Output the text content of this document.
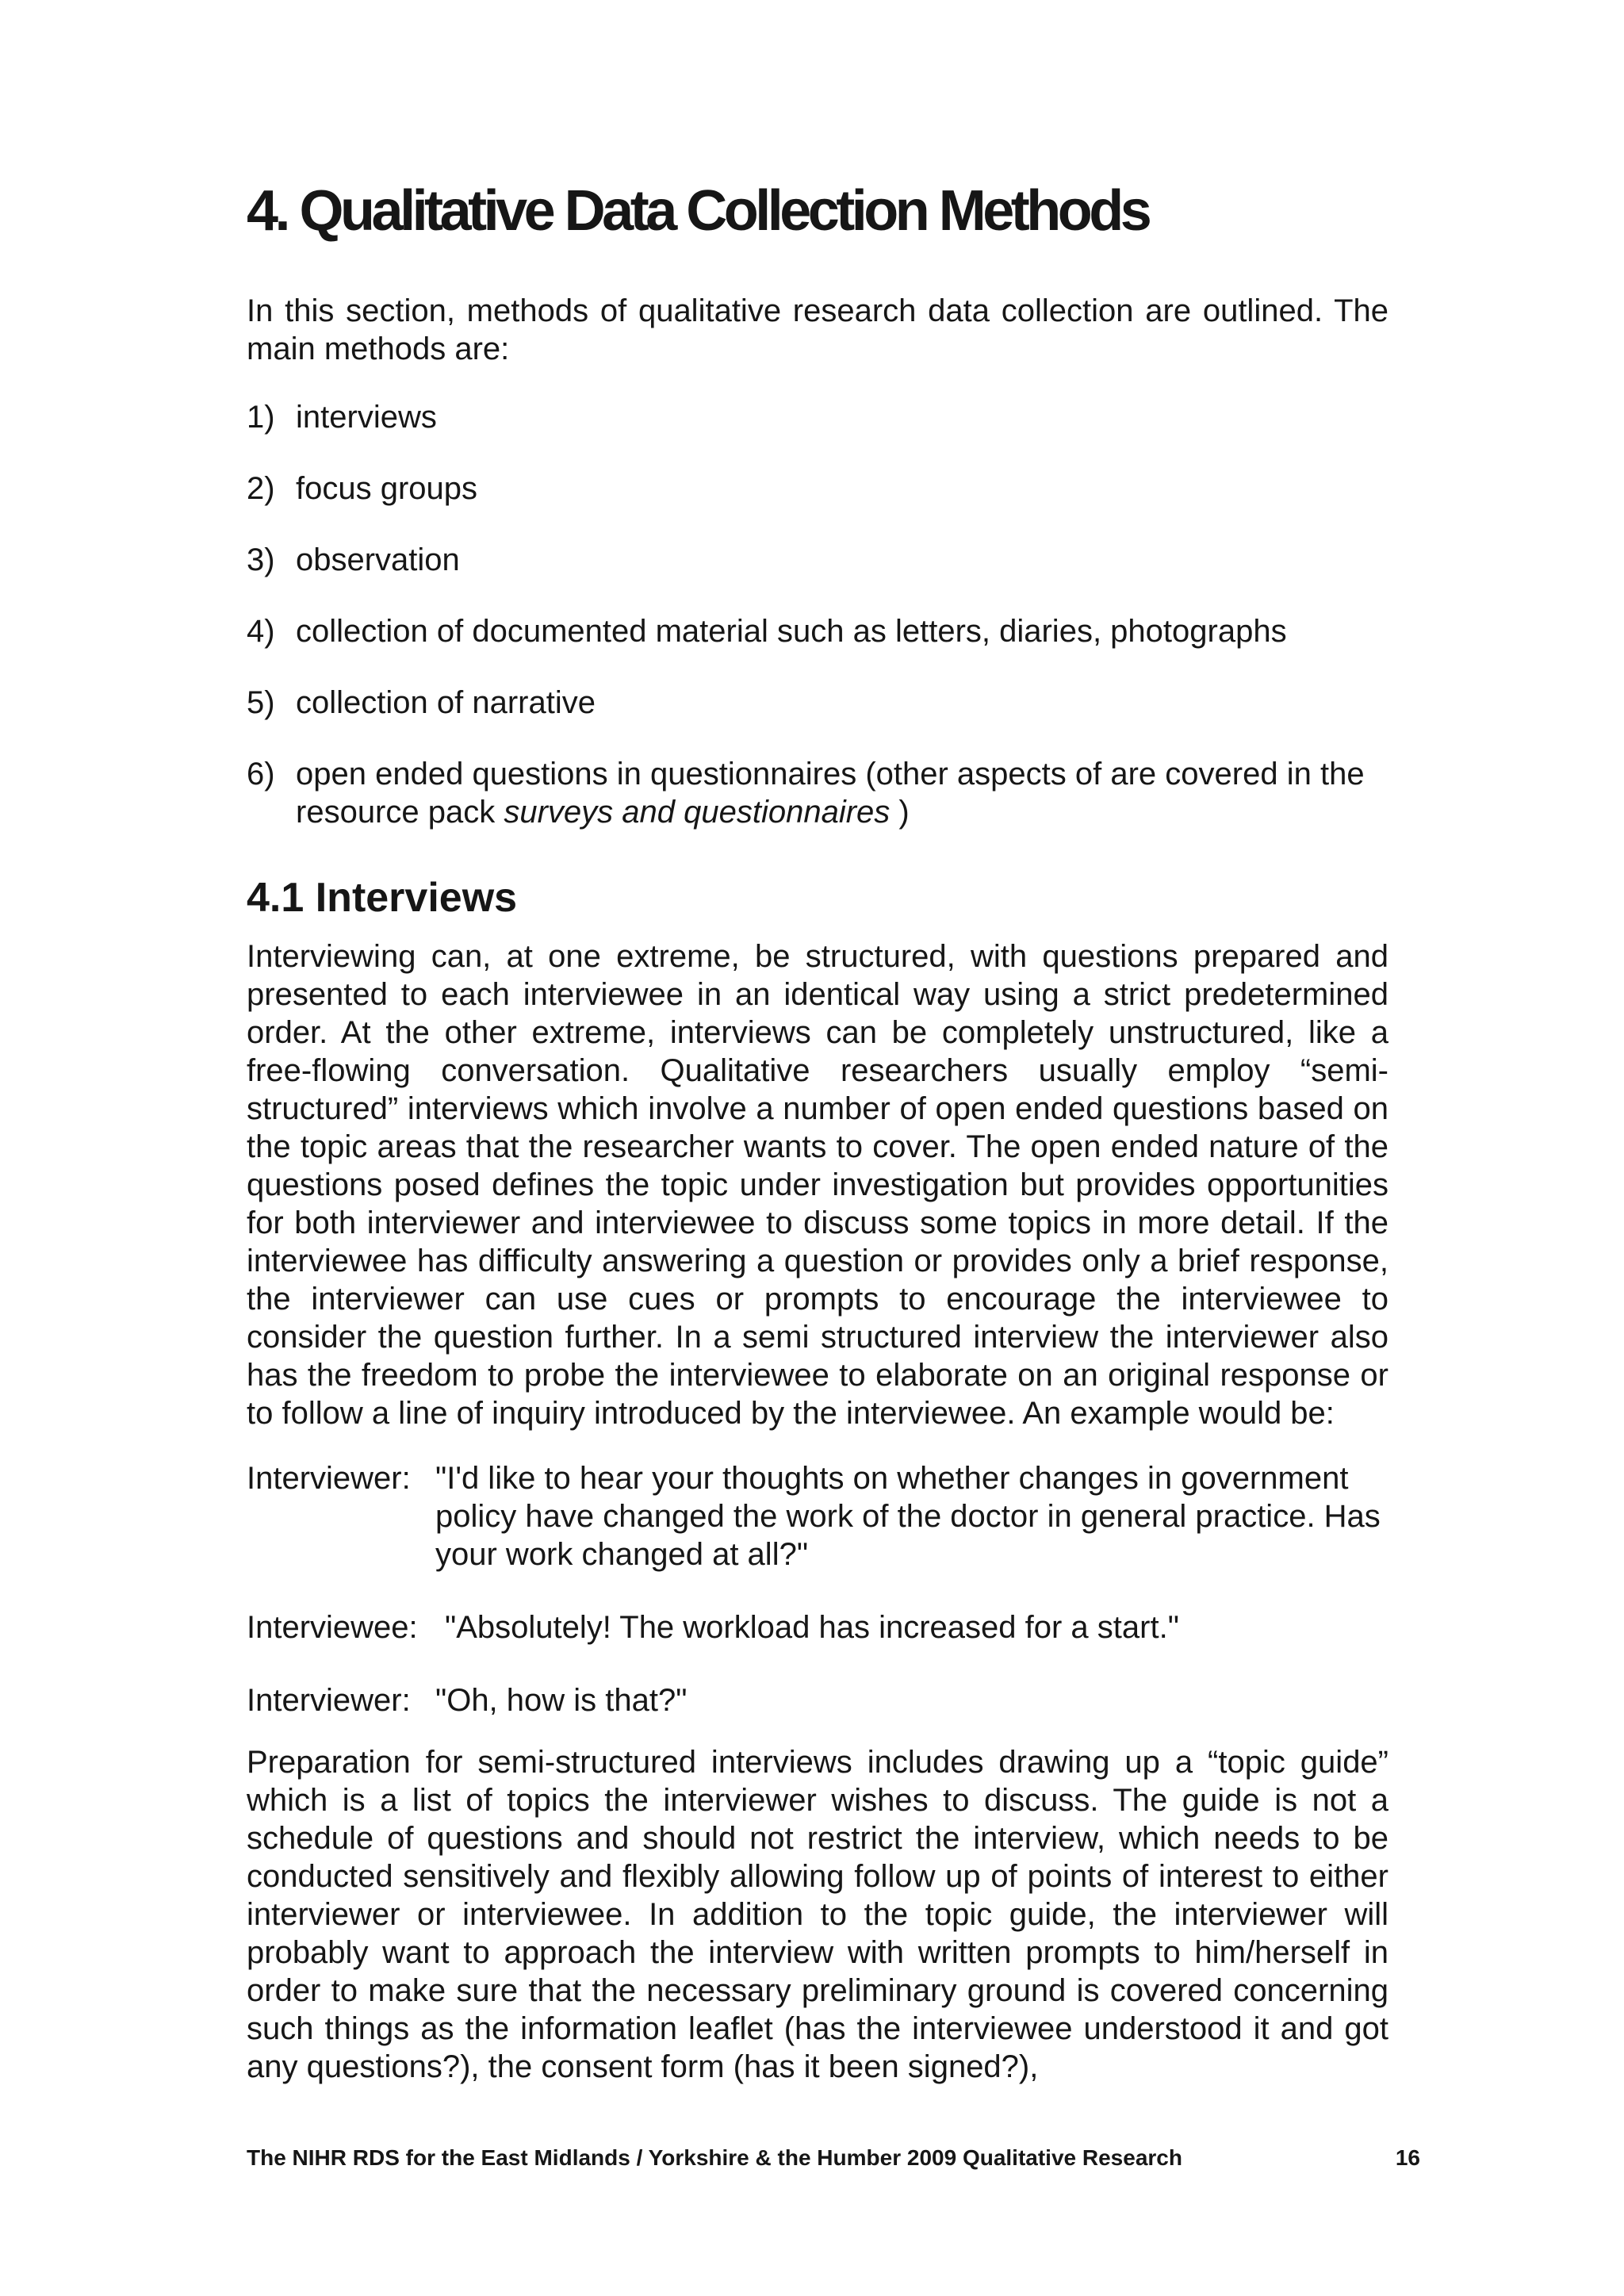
4. Qualitative Data Collection Methods

In this section, methods of qualitative research data collection are outlined. The main methods are:

1) interviews
2) focus groups
3) observation
4) collection of documented material such as letters, diaries, photographs
5) collection of narrative
6) open ended questions in questionnaires (other aspects of are covered in the resource pack surveys and questionnaires )
4.1 Interviews

Interviewing can, at one extreme, be structured, with questions prepared and presented to each interviewee in an identical way using a strict predetermined order. At the other extreme, interviews can be completely unstructured, like a free-flowing conversation. Qualitative researchers usually employ “semi-structured” interviews which involve a number of open ended questions based on the topic areas that the researcher wants to cover. The open ended nature of the questions posed defines the topic under investigation but provides opportunities for both interviewer and interviewee to discuss some topics in more detail. If the interviewee has difficulty answering a question or provides only a brief response, the interviewer can use cues or prompts to encourage the interviewee to consider the question further. In a semi structured interview the interviewer also has the freedom to probe the interviewee to elaborate on an original response or to follow a line of inquiry introduced by the interviewee. An example would be:

Interviewer: "I'd like to hear your thoughts on whether changes in government policy have changed the work of the doctor in general practice. Has your work changed at all?"
Interviewee: "Absolutely! The workload has increased for a start."
Interviewer: "Oh, how is that?"

Preparation for semi-structured interviews includes drawing up a “topic guide” which is a list of topics the interviewer wishes to discuss. The guide is not a schedule of questions and should not restrict the interview, which needs to be conducted sensitively and flexibly allowing follow up of points of interest to either interviewer or interviewee. In addition to the topic guide, the interviewer will probably want to approach the interview with written prompts to him/herself in order to make sure that the necessary preliminary ground is covered concerning such things as the information leaflet (has the interviewee understood it and got any questions?), the consent form (has it been signed?),

The NIHR RDS for the East Midlands / Yorkshire & the Humber 2009 Qualitative Research	16
